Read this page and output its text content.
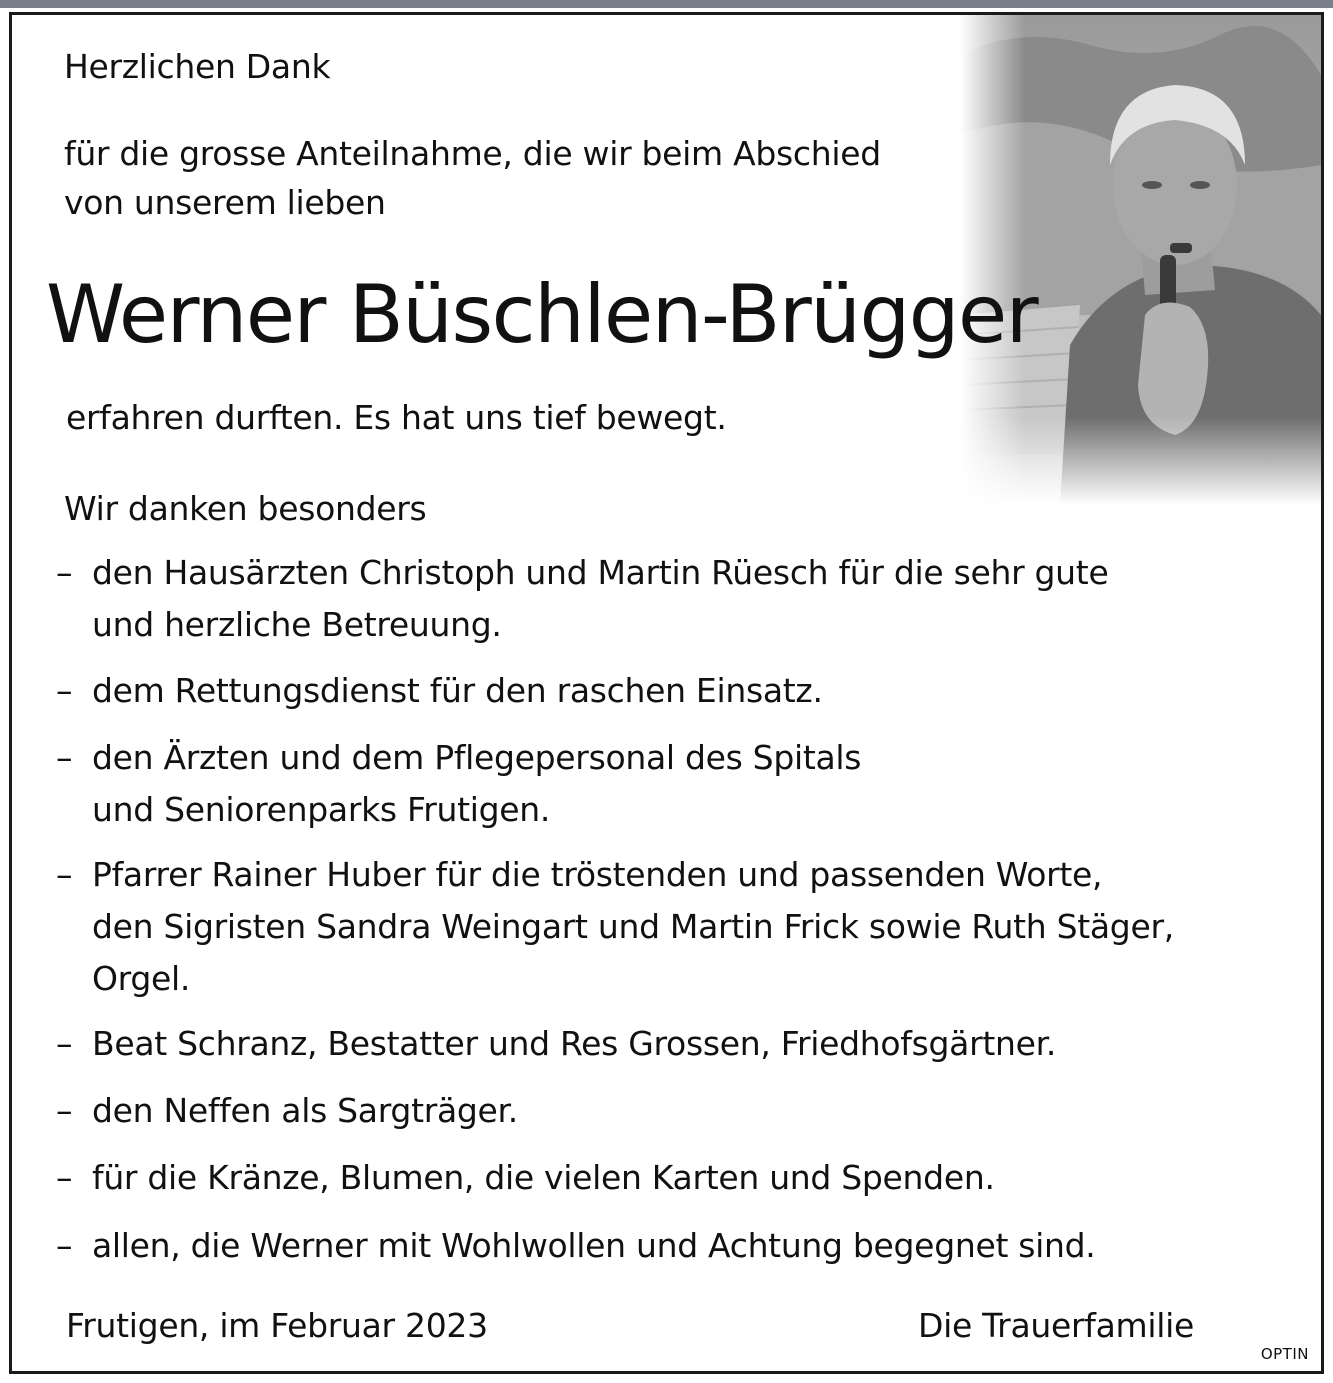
Herzlichen Dank
für die grosse Anteilnahme, die wir beim Abschied
von unserem lieben
Werner Büschlen-Brügger
erfahren durften. Es hat uns tief bewegt.
Wir danken besonders
– den Hausärzten Christoph und Martin Rüesch für die sehr gute
und herzliche Betreuung.
– dem Rettungsdienst für den raschen Einsatz.
– den Ärzten und dem Pflegepersonal des Spitals
und Seniorenparks Frutigen.
– Pfarrer Rainer Huber für die tröstenden und passenden Worte,
den Sigristen Sandra Weingart und Martin Frick sowie Ruth Stäger,
Orgel.
– Beat Schranz, Bestatter und Res Grossen, Friedhofsgärtner.
– den Neffen als Sargträger.
– für die Kränze, Blumen, die vielen Karten und Spenden.
– allen, die Werner mit Wohlwollen und Achtung begegnet sind.
Frutigen, im Februar 2023	Die Trauerfamilie
OPTIN
